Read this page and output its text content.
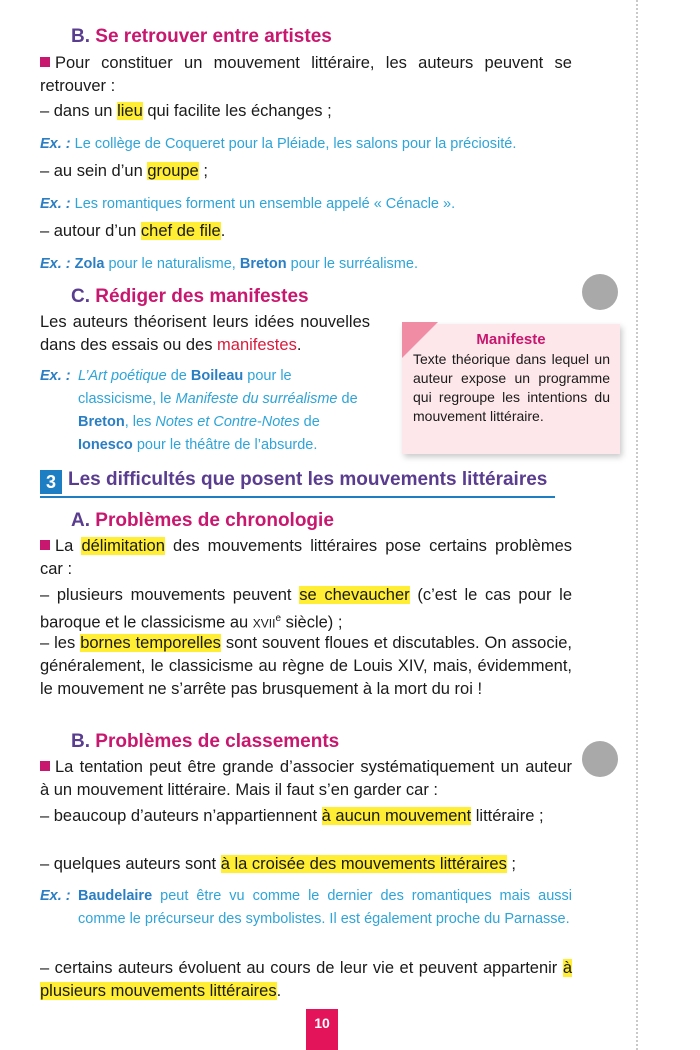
B. Se retrouver entre artistes
Pour constituer un mouvement littéraire, les auteurs peuvent se retrouver :
– dans un lieu qui facilite les échanges ;
Ex. : Le collège de Coqueret pour la Pléiade, les salons pour la préciosité.
– au sein d’un groupe ;
Ex. : Les romantiques forment un ensemble appelé « Cénacle ».
– autour d’un chef de file.
Ex. : Zola pour le naturalisme, Breton pour le surréalisme.
C. Rédiger des manifestes
Les auteurs théorisent leurs idées nouvelles dans des essais ou des manifestes.
Ex. : L’Art poétique de Boileau pour le classicisme, le Manifeste du surréalisme de Breton, les Notes et Contre-Notes de Ionesco pour le théâtre de l’absurde.
Manifeste
Texte théorique dans lequel un auteur expose un programme qui regroupe les intentions du mouvement littéraire.
3 Les difficultés que posent les mouvements littéraires
A. Problèmes de chronologie
La délimitation des mouvements littéraires pose certains problèmes car :
– plusieurs mouvements peuvent se chevaucher (c’est le cas pour le baroque et le classicisme au xvii$^e$ siècle) ;
– les bornes temporelles sont souvent floues et discutables. On associe, généralement, le classicisme au règne de Louis XIV, mais, évidemment, le mouvement ne s’arrête pas brusquement à la mort du roi !
B. Problèmes de classements
La tentation peut être grande d’associer systématiquement un auteur à un mouvement littéraire. Mais il faut s’en garder car :
– beaucoup d’auteurs n’appartiennent à aucun mouvement littéraire ;
– quelques auteurs sont à la croisée des mouvements littéraires ;
Ex. : Baudelaire peut être vu comme le dernier des romantiques mais aussi comme le précurseur des symbolistes. Il est également proche du Parnasse.
– certains auteurs évoluent au cours de leur vie et peuvent appartenir à plusieurs mouvements littéraires.
10
